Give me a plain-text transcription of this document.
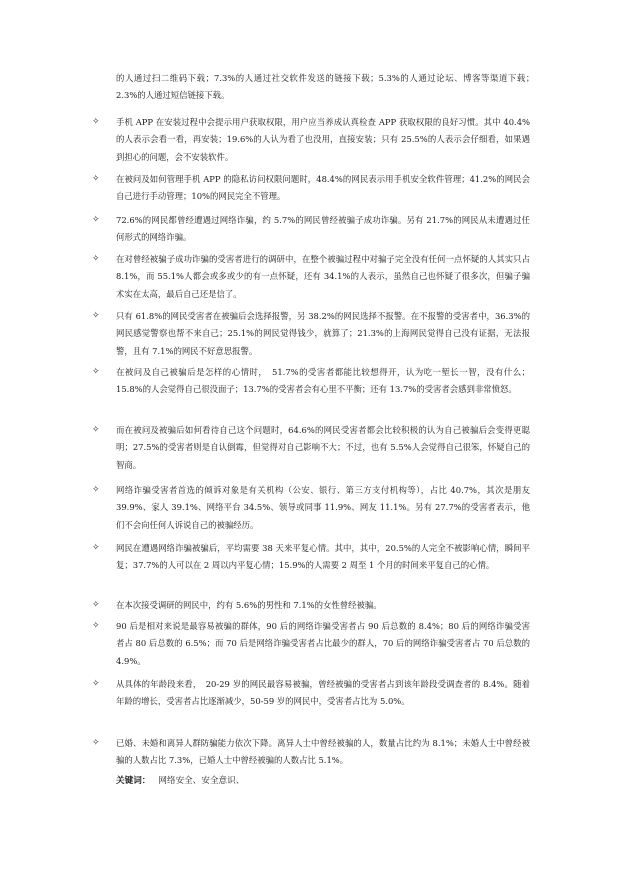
的人通过扫二维码下载；7.3%的人通过社交软件发送的链接下载；5.3%的人通过论坛、博客等渠道下载；　2.3%的人通过短信链接下载。
✧	手机 APP 在安装过程中会提示用户获取权限，用户应当养成认真检查 APP 获取权限的良好习惯。其中 40.4%的人表示会看一看，再安装；19.6%的人认为看了也没用，直接安装；只有 25.5%的人表示会仔细看，如果遇到担心的问题，会不安装软件。
✧	在被问及如何管理手机 APP 的隐私访问权限问题时，48.4%的网民表示用手机安全软件管理；41.2%的网民会自己进行手动管理；10%的网民完全不管理。
✧	72.6%的网民都曾经遭遇过网络诈骗，约 5.7%的网民曾经被骗子成功诈骗。另有 21.7%的网民从未遭遇过任何形式的网络诈骗。
✧	在对曾经被骗子成功诈骗的受害者进行的调研中，在整个被骗过程中对骗子完全没有任何一点怀疑的人其实只占 8.1%，而 55.1%人都会或多或少的有一点怀疑，还有 34.1%的人表示，虽然自己也怀疑了很多次，但骗子骗术实在太高，最后自己还是信了。
✧	只有 61.8%的网民受害者在被骗后会选择报警，另 38.2%的网民选择不报警。在不报警的受害者中，36.3%的网民感觉警察也帮不来自己；25.1%的网民觉得钱少，就算了；21.3%的上海网民觉得自己没有证据，无法报警，且有 7.1%的网民不好意思报警。
✧	在被问及自己被骗后是怎样的心情时，　51.7%的受害者都能比较想得开，认为吃一堑长一智，没有什么；15.8%的人会觉得自己很没面子；13.7%的受害者会有心里不平衡；还有 13.7%的受害者会感到非常愤怒。
✧	而在被问及被骗后如何看待自己这个问题时，64.6%的网民受害者都会比较积极的认为自己被骗后会变得更聪明；27.5%的受害者则是自认倒霉，但觉得对自己影响不大；不过，也有 5.5%人会觉得自己很笨，怀疑自己的智商。
✧	网络诈骗受害者首选的倾诉对象是有关机构（公安、银行、第三方支付机构等），占比 40.7%，其次是朋友 39.9%、家人 39.1%、网络平台 34.5%、领导或同事 11.9%、网友 11.1%。另有 27.7%的受害者表示，他们不会向任何人诉说自己的被骗经历。
✧	网民在遭遇网络诈骗被骗后，平均需要 38 天来平复心情。其中，其中，20.5%的人完全不被影响心情，瞬间平复；37.7%的人可以在 2 周以内平复心情；15.9%的人需要 2 周至 1 个月的时间来平复自己的心情。
✧	在本次接受调研的网民中，约有 5.6%的男性和 7.1%的女性曾经被骗。
✧	90 后是相对来说是最容易被骗的群体，90 后的网络诈骗受害者占 90 后总数的 8.4%；80 后的网络诈骗受害者占 80 后总数的 6.5%；而 70 后是网络诈骗受害者占比最少的群人，70 后的网络诈骗受害者占 70 后总数的 4.9%。
✧	从具体的年龄段来看，　20-29 岁的网民最容易被骗，曾经被骗的受害者占到该年龄段受调查者的 8.4%。随着年龄的增长，受害者占比逐渐减少，50-59 岁的网民中，受害者占比为 5.0%。
✧	已婚、未婚和离异人群防骗能力依次下降。离异人士中曾经被骗的人，数量占比约为 8.1%；未婚人士中曾经被骗的人数占比 7.3%，已婚人士中曾经被骗的人数占比 5.1%。
关键词： 网络安全、安全意识、
